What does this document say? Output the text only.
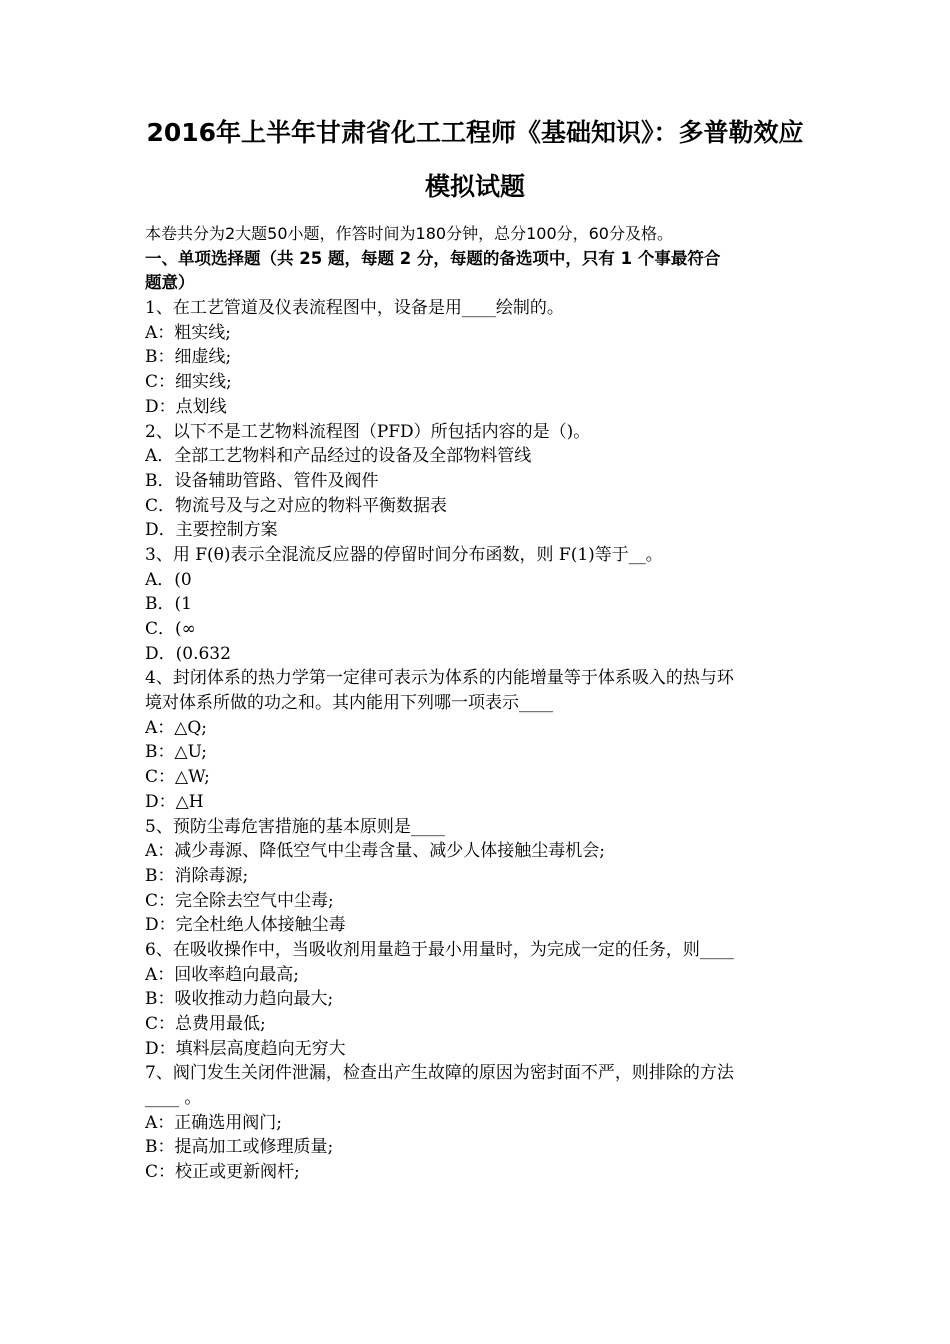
2016年上半年甘肃省化工工程师《基础知识》：多普勒效应
模拟试题
本卷共分为2大题50小题，作答时间为180分钟，总分100分，60分及格。
一、单项选择题（共 25 题，每题 2 分，每题的备选项中，只有 1 个事最符合
题意）
1、在工艺管道及仪表流程图中，设备是用____绘制的。
A：粗实线;
B：细虚线;
C：细实线;
D：点划线
2、以下不是工艺物料流程图（PFD）所包括内容的是（)。
A．全部工艺物料和产品经过的设备及全部物料管线
B．设备辅助管路、管件及阀件
C．物流号及与之对应的物料平衡数据表
D．主要控制方案
3、用 F(θ)表示全混流反应器的停留时间分布函数，则 F(1)等于__。
A．(0
B．(1
C．(∞
D．(0.632
4、封闭体系的热力学第一定律可表示为体系的内能增量等于体系吸入的热与环
境对体系所做的功之和。其内能用下列哪一项表示____
A：△Q;
B：△U;
C：△W;
D：△H
5、预防尘毒危害措施的基本原则是____
A：减少毒源、降低空气中尘毒含量、减少人体接触尘毒机会;
B：消除毒源;
C：完全除去空气中尘毒;
D：完全杜绝人体接触尘毒
6、在吸收操作中，当吸收剂用量趋于最小用量时，为完成一定的任务，则____
A：回收率趋向最高;
B：吸收推动力趋向最大;
C：总费用最低;
D：填料层高度趋向无穷大
7、阀门发生关闭件泄漏，检查出产生故障的原因为密封面不严，则排除的方法
____ 。
A：正确选用阀门;
B：提高加工或修理质量;
C：校正或更新阀杆;
